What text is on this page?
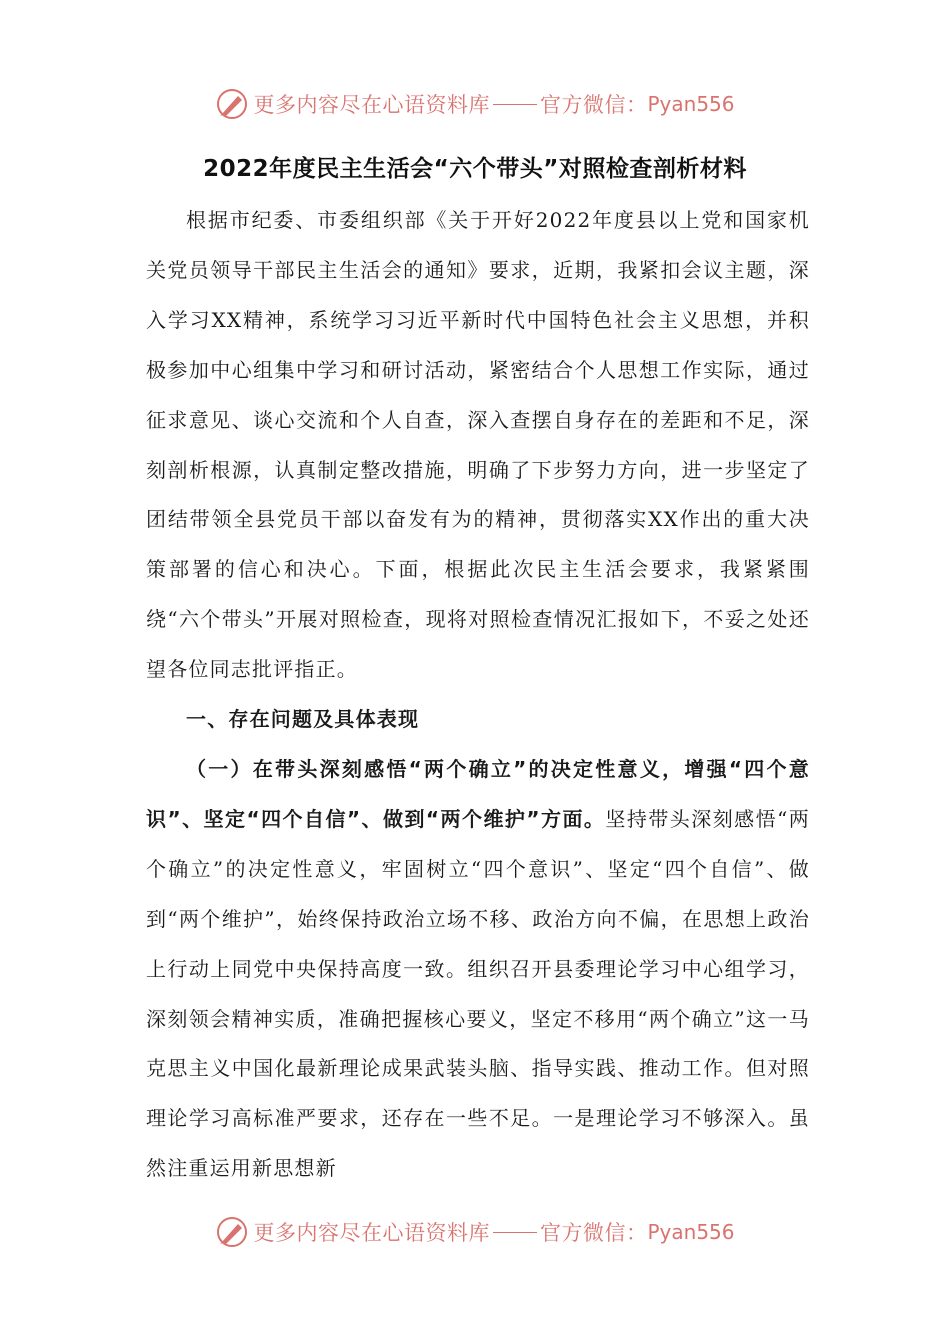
更多内容尽在心语资料库 官方微信： Pyan556
2022年度民主生活会“六个带头”对照检查剖析材料

根据市纪委、市委组织部《关于开好2022年度县以上党和国家机关党员领导干部民主生活会的通知》要求，近期，我紧扣会议主题，深入学习XX精神，系统学习习近平新时代中国特色社会主义思想，并积极参加中心组集中学习和研讨活动，紧密结合个人思想工作实际，通过征求意见、谈心交流和个人自查，深入查摆自身存在的差距和不足，深刻剖析根源，认真制定整改措施，明确了下步努力方向，进一步坚定了团结带领全县党员干部以奋发有为的精神，贯彻落实XX作出的重大决策部署的信心和决心。下面，根据此次民主生活会要求，我紧紧围绕“六个带头”开展对照检查，现将对照检查情况汇报如下，不妥之处还望各位同志批评指正。

一、存在问题及具体表现

（一）在带头深刻感悟“两个确立”的决定性意义，增强“四个意识”、坚定“四个自信”、做到“两个维护”方面。坚持带头深刻感悟“两个确立”的决定性意义，牢固树立“四个意识”、坚定“四个自信”、做到“两个维护”，始终保持政治立场不移、政治方向不偏，在思想上政治上行动上同党中央保持高度一致。组织召开县委理论学习中心组学习，深刻领会精神实质，准确把握核心要义，坚定不移用“两个确立”这一马克思主义中国化最新理论成果武装头脑、指导实践、推动工作。但对照理论学习高标准严要求，还存在一些不足。一是理论学习不够深入。虽然注重运用新思想新

更多内容尽在心语资料库 官方微信： Pyan556
